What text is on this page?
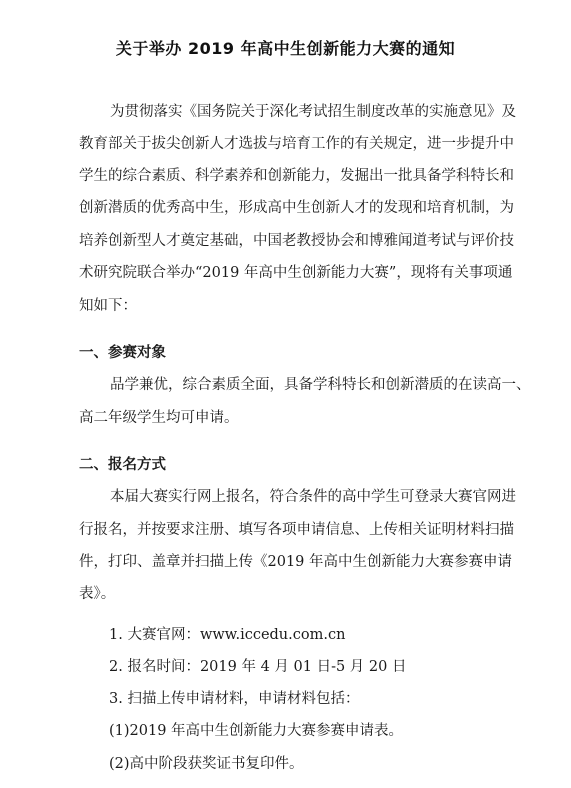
关于举办 2019 年高中生创新能力大赛的通知
为贯彻落实《国务院关于深化考试招生制度改革的实施意见》及
教育部关于拔尖创新人才选拔与培育工作的有关规定，进一步提升中
学生的综合素质、科学素养和创新能力，发掘出一批具备学科特长和
创新潜质的优秀高中生，形成高中生创新人才的发现和培育机制，为
培养创新型人才奠定基础，中国老教授协会和博雅闻道考试与评价技
术研究院联合举办“2019 年高中生创新能力大赛”，现将有关事项通
知如下：
一、参赛对象
品学兼优，综合素质全面，具备学科特长和创新潜质的在读高一、
高二年级学生均可申请。
二、报名方式
本届大赛实行网上报名，符合条件的高中学生可登录大赛官网进
行报名，并按要求注册、填写各项申请信息、上传相关证明材料扫描
件，打印、盖章并扫描上传《2019 年高中生创新能力大赛参赛申请
表》。
1. 大赛官网：www.iccedu.com.cn
2. 报名时间：2019 年 4 月 01 日-5 月 20 日
3. 扫描上传申请材料，申请材料包括：
(1)2019 年高中生创新能力大赛参赛申请表。
(2)高中阶段获奖证书复印件。
